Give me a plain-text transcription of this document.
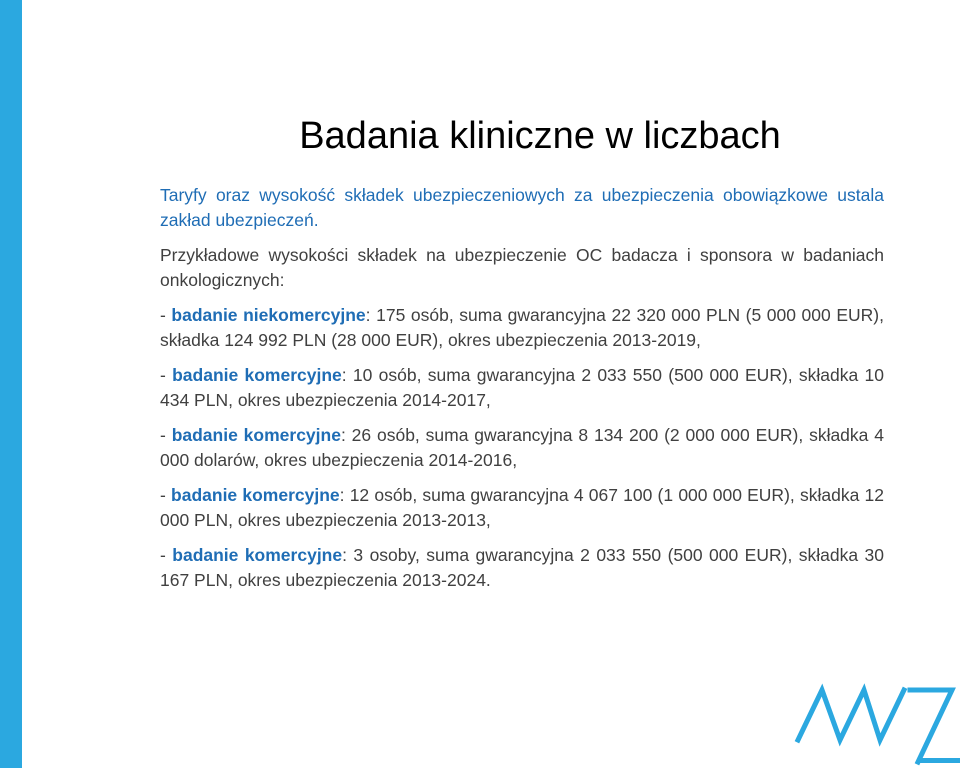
Badania kliniczne w liczbach

Taryfy oraz wysokość składek ubezpieczeniowych za ubezpieczenia obowiązkowe ustala zakład ubezpieczeń.

Przykładowe wysokości składek na ubezpieczenie OC badacza i sponsora w badaniach onkologicznych:

- badanie niekomercyjne: 175 osób, suma gwarancyjna 22 320 000 PLN (5 000 000 EUR), składka 124 992 PLN (28 000 EUR), okres ubezpieczenia 2013-2019,

- badanie komercyjne: 10 osób, suma gwarancyjna 2 033 550 (500 000 EUR), składka 10 434 PLN, okres ubezpieczenia 2014-2017,

- badanie komercyjne: 26 osób, suma gwarancyjna 8 134 200 (2 000 000 EUR), składka 4 000 dolarów, okres ubezpieczenia 2014-2016,

- badanie komercyjne: 12 osób, suma gwarancyjna 4 067 100 (1 000 000 EUR), składka 12 000 PLN, okres ubezpieczenia 2013-2013,

- badanie komercyjne: 3 osoby, suma gwarancyjna 2 033 550 (500 000 EUR), składka 30 167 PLN, okres ubezpieczenia 2013-2024.
